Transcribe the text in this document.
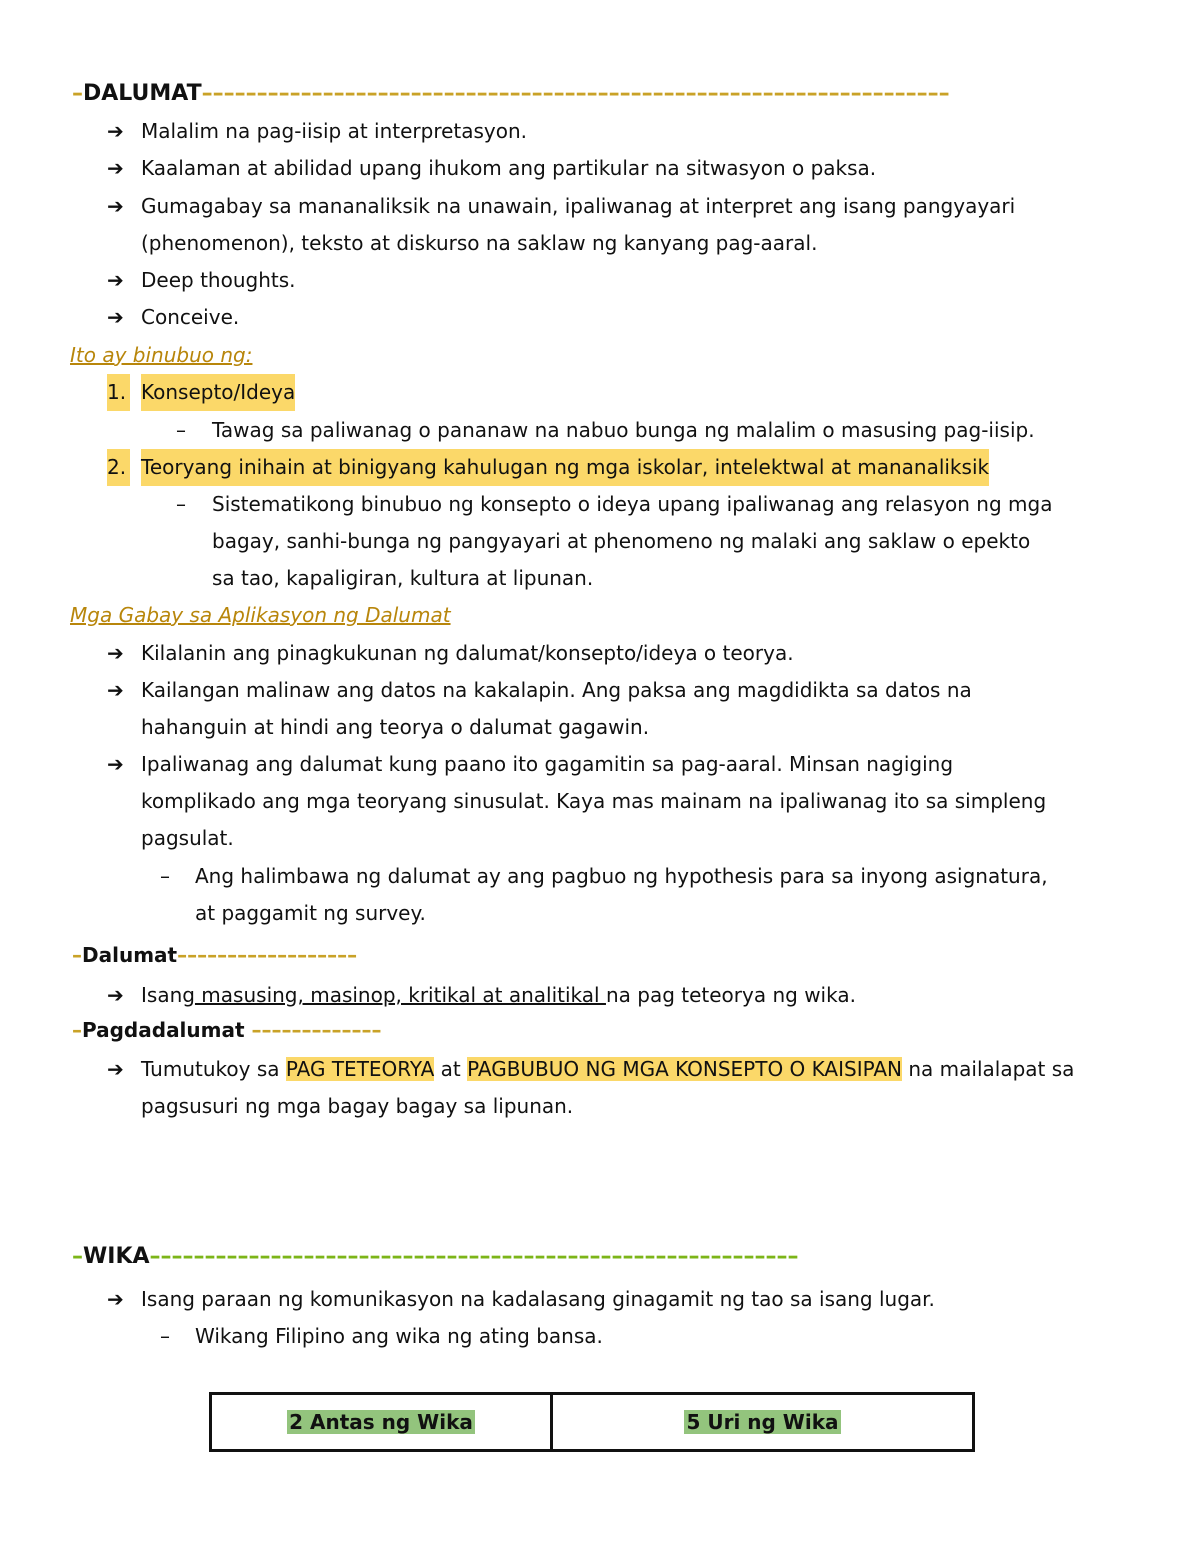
–DALUMAT––––––––––––––––––––––––––––––––––––––––––––––––––––––––––––––––––––
➔ Malalim na pag-iisip at interpretasyon.
➔ Kaalaman at abilidad upang ihukom ang partikular na sitwasyon o paksa.
➔ Gumagabay sa mananaliksik na unawain, ipaliwanag at interpret ang isang pangyayari
(phenomenon), teksto at diskurso na saklaw ng kanyang pag-aaral.
➔ Deep thoughts.
➔ Conceive.
Ito ay binubuo ng:
1. Konsepto/Ideya
– Tawag sa paliwanag o pananaw na nabuo bunga ng malalim o masusing pag-iisip.
2. Teoryang inihain at binigyang kahulugan ng mga iskolar, intelektwal at mananaliksik
– Sistematikong binubuo ng konsepto o ideya upang ipaliwanag ang relasyon ng mga
bagay, sanhi-bunga ng pangyayari at phenomeno ng malaki ang saklaw o epekto
sa tao, kapaligiran, kultura at lipunan.
Mga Gabay sa Aplikasyon ng Dalumat
➔ Kilalanin ang pinagkukunan ng dalumat/konsepto/ideya o teorya.
➔ Kailangan malinaw ang datos na kakalapin. Ang paksa ang magdidikta sa datos na
hahanguin at hindi ang teorya o dalumat gagawin.
➔ Ipaliwanag ang dalumat kung paano ito gagamitin sa pag-aaral. Minsan nagiging
komplikado ang mga teoryang sinusulat. Kaya mas mainam na ipaliwanag ito sa simpleng
pagsulat.
– Ang halimbawa ng dalumat ay ang pagbuo ng hypothesis para sa inyong asignatura,
at paggamit ng survey.
–Dalumat––––––––––––––––––
➔ Isang masusing, masinop, kritikal at analitikal na pag teteorya ng wika.
–Pagdadalumat –––––––––––––
➔ Tumutukoy sa PAG TETEORYA at PAGBUBUO NG MGA KONSEPTO O KAISIPAN na mailalapat sa
pagsusuri ng mga bagay bagay sa lipunan.
–WIKA–––––––––––––––––––––––––––––––––––––––––––––––––––––––––––
➔ Isang paraan ng komunikasyon na kadalasang ginagamit ng tao sa isang lugar.
– Wikang Filipino ang wika ng ating bansa.
2 Antas ng Wika	5 Uri ng Wika
